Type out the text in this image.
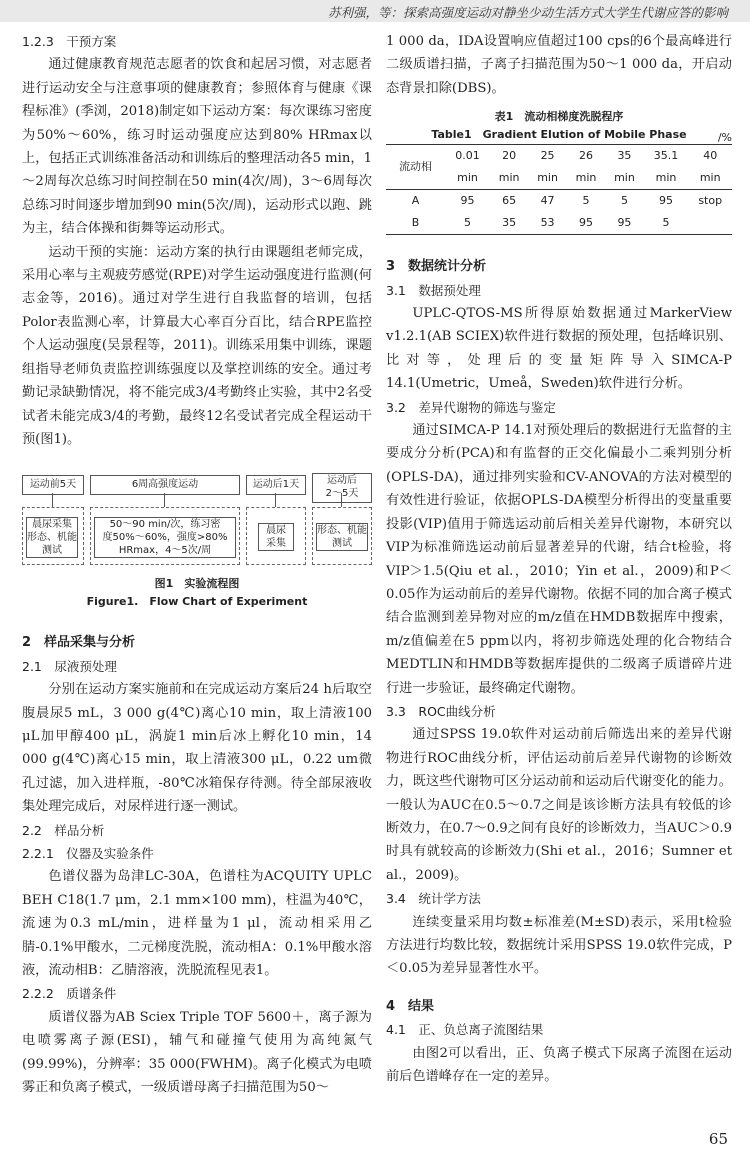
苏利强，等：探索高强度运动对静坐少动生活方式大学生代谢应答的影响

1.2.3　干预方案

通过健康教育规范志愿者的饮食和起居习惯，对志愿者进行运动安全与注意事项的健康教育；参照体育与健康《课程标准》(季浏，2018)制定如下运动方案：每次课练习密度为50%～60%，练习时运动强度应达到80% HRmax以上，包括正式训练准备活动和训练后的整理活动各5 min，1～2周每次总练习时间控制在50 min(4次/周)，3～6周每次总练习时间逐步增加到90 min(5次/周)，运动形式以跑、跳为主，结合体操和街舞等运动形式。

运动干预的实施：运动方案的执行由课题组老师完成，采用心率与主观疲劳感觉(RPE)对学生运动强度进行监测(何志金等，2016)。通过对学生进行自我监督的培训，包括Polor表监测心率，计算最大心率百分百比，结合RPE监控个人运动强度(吴景程等，2011)。训练采用集中训练，课题组指导老师负责监控训练强度以及掌控训练的安全。通过考勤记录缺勤情况，将不能完成3/4考勤终止实验，其中2名受试者未能完成3/4的考勤，最终12名受试者完成全程运动干预(图1)。

运动前5天	6周高强度运动	运动后1天	运动后
2～5天
晨尿采集
形态、机能
测试
50～90 min/次，练习密
度50%～60%，强度>80%
HRmax，4～5次/周
晨尿
采集
形态、机能
测试

图1　实验流程图

Figure1.　Flow Chart of Experiment

2　样品采集与分析

2.1　尿液预处理

分别在运动方案实施前和在完成运动方案后24 h后取空腹晨尿5 mL，3 000 g(4℃)离心10 min，取上清液100 μL加甲醇400 μL，涡旋1 min后冰上孵化10 min，14 000 g(4℃)离心15 min，取上清液300 μL，0.22 um微孔过滤，加入进样瓶，-80℃冰箱保存待测。待全部尿液收集处理完成后，对尿样进行逐一测试。

2.2　样品分析

2.2.1　仪器及实验条件

色谱仪器为岛津LC-30A，色谱柱为ACQUITY UPLC BEH C18(1.7 μm，2.1 mm×100 mm)，柱温为40℃，流速为0.3 mL/min，进样量为1 μl，流动相采用乙腈-0.1%甲酸水，二元梯度洗脱，流动相A：0.1%甲酸水溶液，流动相B：乙腈溶液，洗脱流程见表1。

2.2.2　质谱条件

质谱仪器为AB Sciex Triple TOF 5600＋，离子源为电喷雾离子源(ESI)，辅气和碰撞气使用为高纯氮气(99.99%)，分辨率：35 000(FWHM)。离子化模式为电喷雾正和负离子模式，一级质谱母离子扫描范围为50～

1 000 da，IDA设置响应值超过100 cps的6个最高峰进行二级质谱扫描，子离子扫描范围为50～1 000 da，开启动态背景扣除(DBS)。

表1　流动相梯度洗脱程序

Table1　Gradient Elution of Mobile Phase	/%
流动相	0.01	20	25	26	35	35.1	40
	min	min	min	min	min	min	min
A	95	65	47	5	5	95	stop
B	5	35	53	95	95	5	

3　数据统计分析

3.1　数据预处理

UPLC-QTOS-MS所得原始数据通过MarkerView v1.2.1(AB SCIEX)软件进行数据的预处理，包括峰识别、比对等，处理后的变量矩阵导入SIMCA-P 14.1(Umetric，Umeå，Sweden)软件进行分析。

3.2　差异代谢物的筛选与鉴定

通过SIMCA-P 14.1对预处理后的数据进行无监督的主要成分分析(PCA)和有监督的正交化偏最小二乘判别分析(OPLS-DA)，通过排列实验和CV-ANOVA的方法对模型的有效性进行验证，依据OPLS-DA模型分析得出的变量重要投影(VIP)值用于筛选运动前后相关差异代谢物，本研究以VIP为标准筛选运动前后显著差异的代谢，结合t检验，将VIP＞1.5(Qiu et al.，2010；Yin et al.，2009)和P＜0.05作为运动前后的差异代谢物。依据不同的加合离子模式结合监测到差异物对应的m/z值在HMDB数据库中搜索，m/z值偏差在5 ppm以内，将初步筛选处理的化合物结合MEDTLIN和HMDB等数据库提供的二级离子质谱碎片进行进一步验证，最终确定代谢物。

3.3　ROC曲线分析

通过SPSS 19.0软件对运动前后筛选出来的差异代谢物进行ROC曲线分析，评估运动前后差异代谢物的诊断效力，既这些代谢物可区分运动前和运动后代谢变化的能力。一般认为AUC在0.5～0.7之间是该诊断方法具有较低的诊断效力，在0.7～0.9之间有良好的诊断效力，当AUC＞0.9时具有就较高的诊断效力(Shi et al.，2016；Sumner et al.，2009)。

3.4　统计学方法

连续变量采用均数±标准差(M±SD)表示，采用t检验方法进行均数比较，数据统计采用SPSS 19.0软件完成，P＜0.05为差异显著性水平。

4　结果

4.1　正、负总离子流图结果

由图2可以看出，正、负离子模式下尿离子流图在运动前后色谱峰存在一定的差异。

65
